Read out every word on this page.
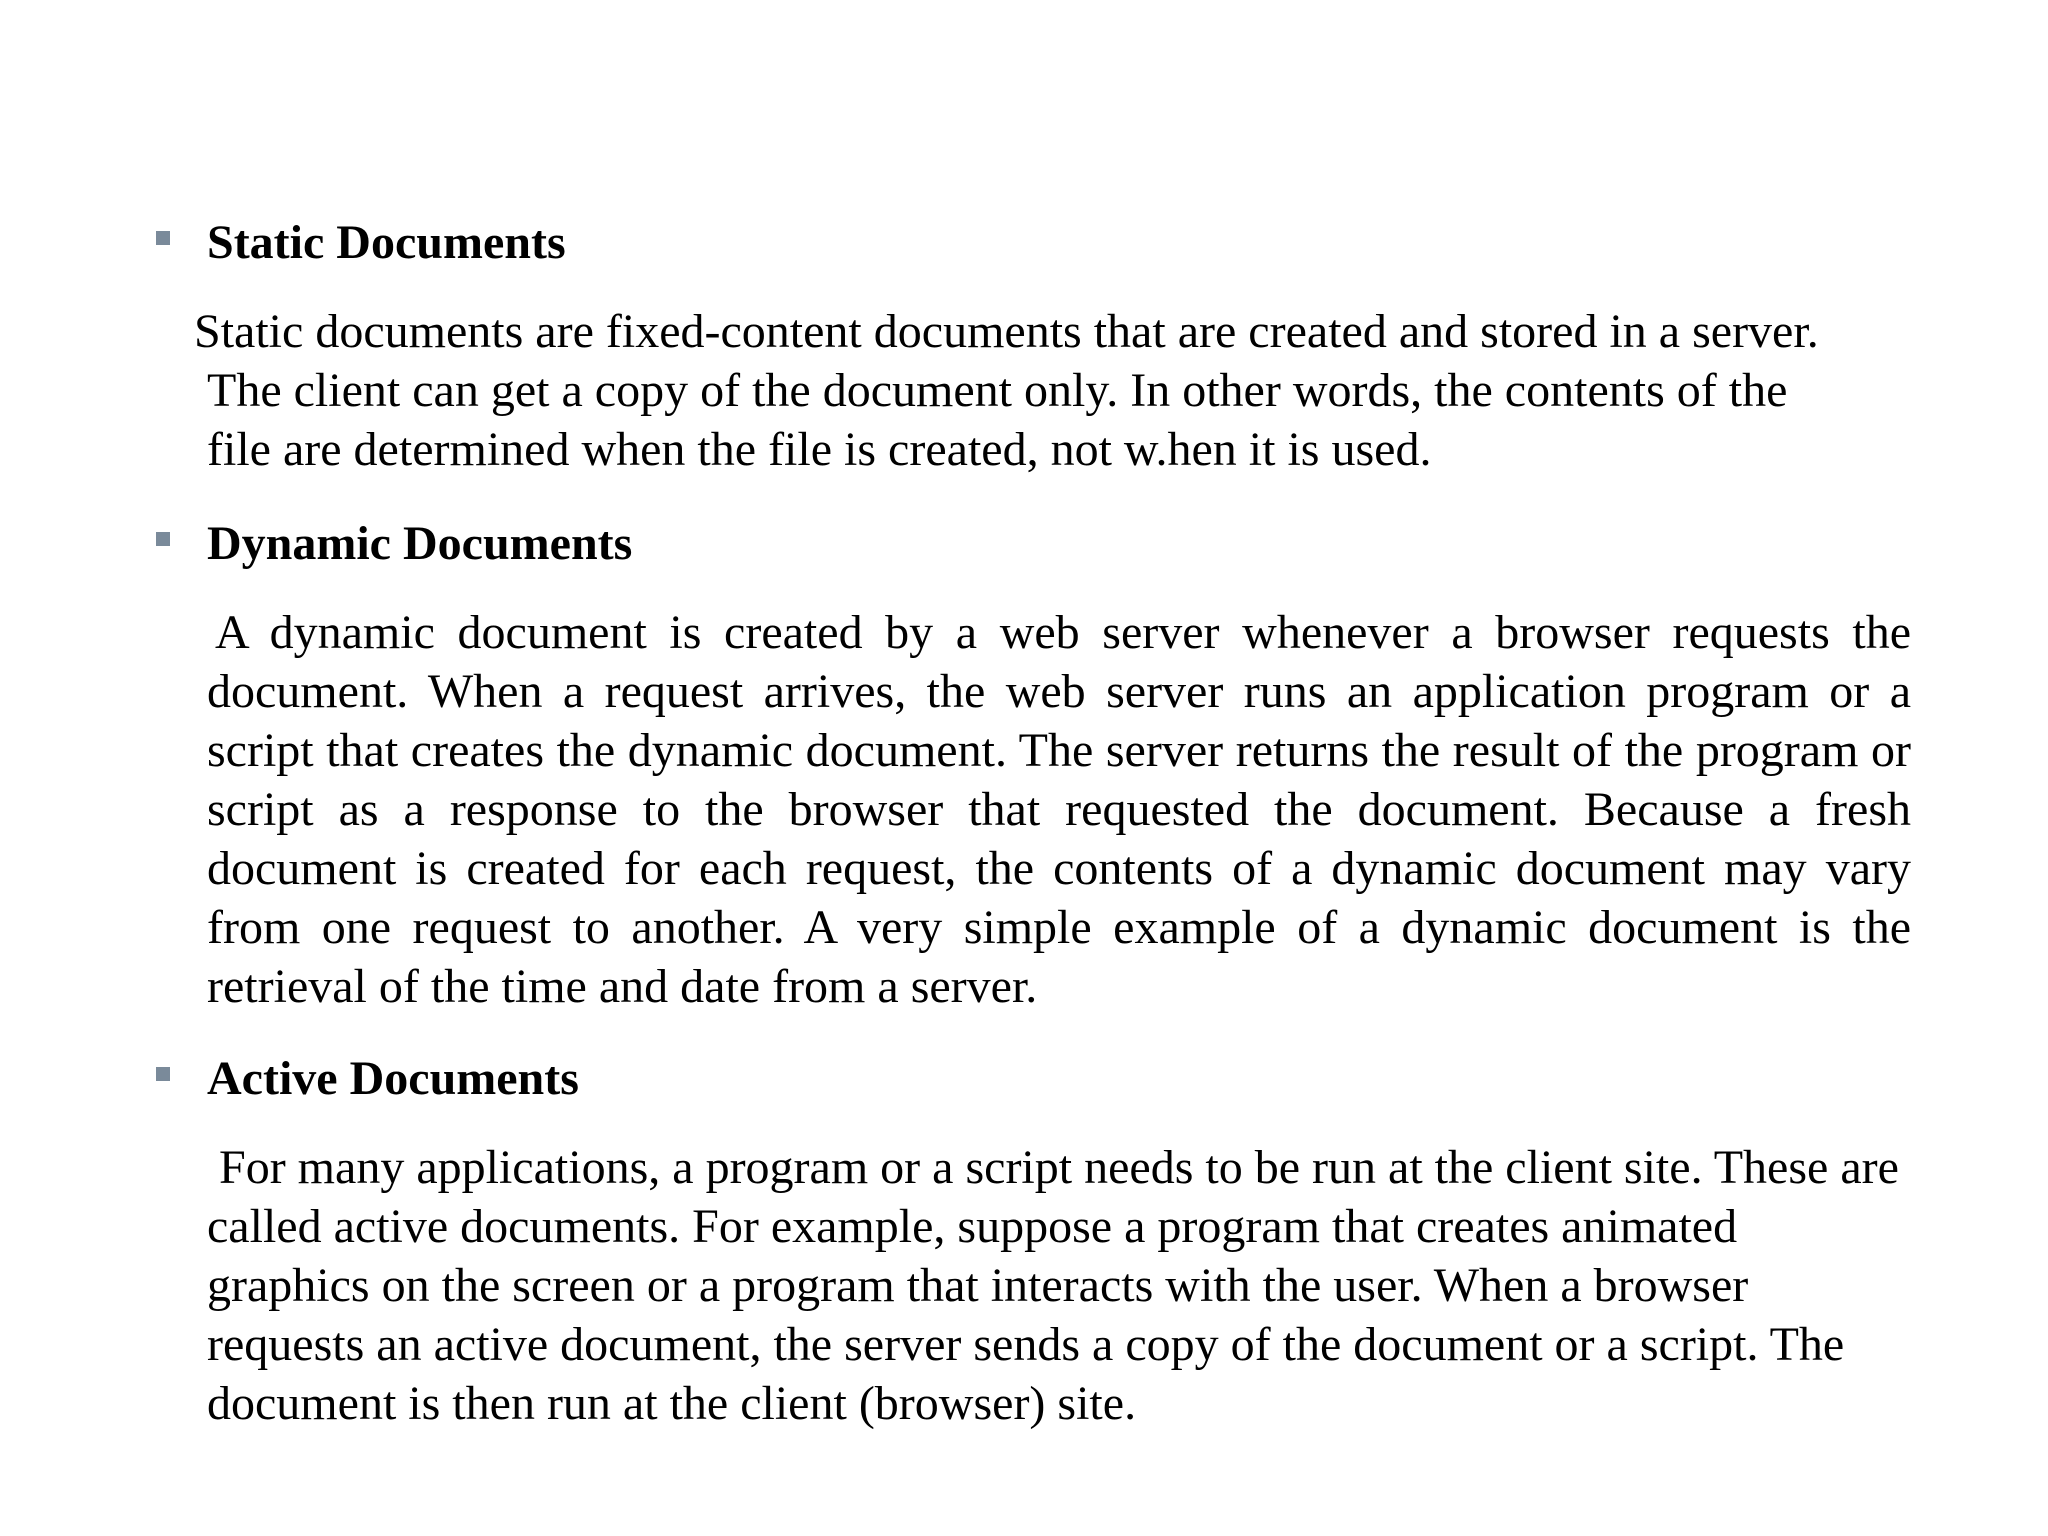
Static Documents

Static documents are fixed-content documents that are created and stored in a server. The client can get a copy of the document only. In other words, the contents of the file are determined when the file is created, not w.hen it is used.

Dynamic Documents

A dynamic document is created by a web server whenever a browser requests the document. When a request arrives, the web server runs an application program or a script that creates the dynamic document. The server returns the result of the program or script as a response to the browser that requested the document. Because a fresh document is created for each request, the contents of a dynamic document may vary from one request to another. A very simple example of a dynamic document is the retrieval of the time and date from a server.

Active Documents

For many applications, a program or a script needs to be run at the client site. These are called active documents. For example, suppose a program that creates animated graphics on the screen or a program that interacts with the user. When a browser requests an active document, the server sends a copy of the document or a script. The document is then run at the client (browser) site.
